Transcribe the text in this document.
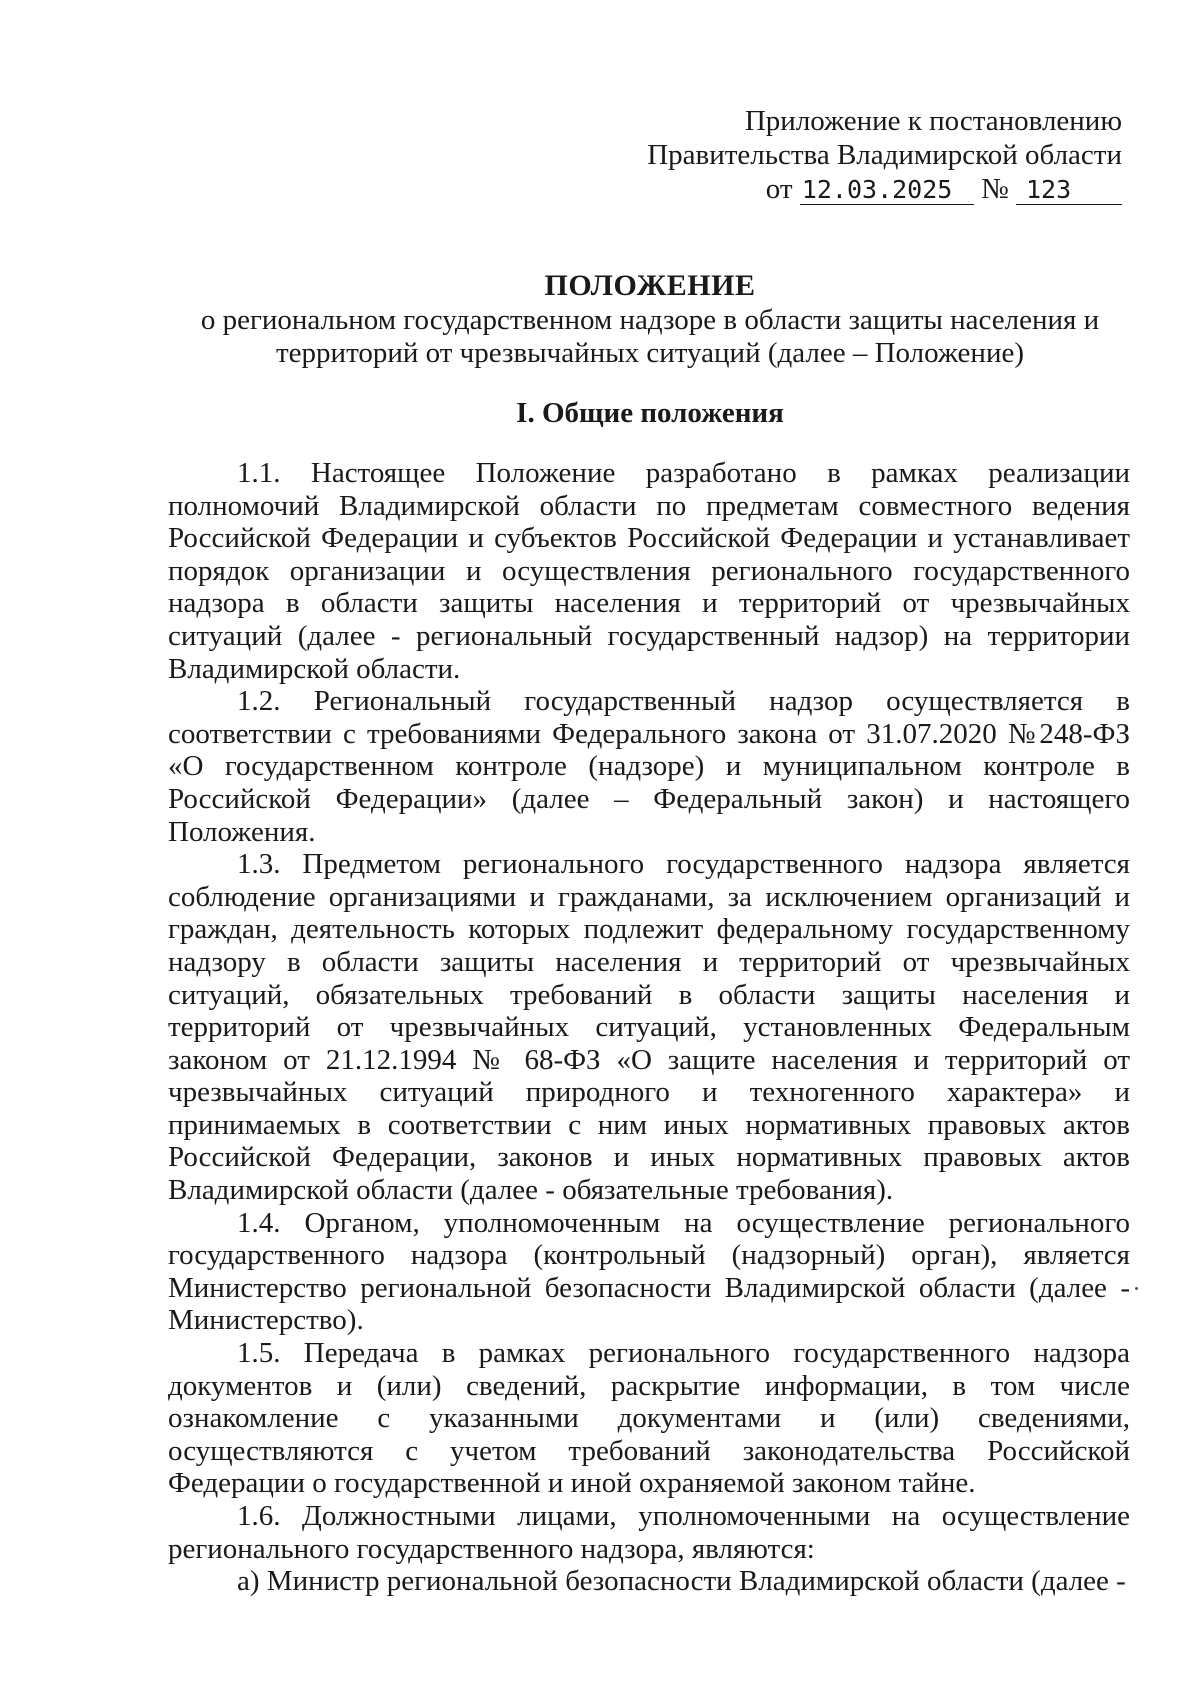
Приложение к постановлению
Правительства Владимирской области
от 12.03.2025 № 123

ПОЛОЖЕНИЕ

о региональном государственном надзоре в области защиты населения и

территорий от чрезвычайных ситуаций (далее – Положение)

I. Общие положения

1.1. Настоящее Положение разработано в рамках реализации полномочий Владимирской области по предметам совместного ведения Российской Федерации и субъектов Российской Федерации и устанавливает порядок организации и осуществления регионального государственного надзора в области защиты населения и территорий от чрезвычайных ситуаций (далее - региональный государственный надзор) на территории Владимирской области.

1.2. Региональный государственный надзор осуществляется в соответствии с требованиями Федерального закона от 31.07.2020 №248-ФЗ «О государственном контроле (надзоре) и муниципальном контроле в Российской Федерации» (далее – Федеральный закон) и настоящего Положения.

1.3. Предметом регионального государственного надзора является соблюдение организациями и гражданами, за исключением организаций и граждан, деятельность которых подлежит федеральному государственному надзору в области защиты населения и территорий от чрезвычайных ситуаций, обязательных требований в области защиты населения и территорий от чрезвычайных ситуаций, установленных Федеральным законом от 21.12.1994 № 68-ФЗ «О защите населения и территорий от чрезвычайных ситуаций природного и техногенного характера» и принимаемых в соответствии с ним иных нормативных правовых актов Российской Федерации, законов и иных нормативных правовых актов Владимирской области (далее - обязательные требования).

1.4. Органом, уполномоченным на осуществление регионального государственного надзора (контрольный (надзорный) орган), является Министерство региональной безопасности Владимирской области (далее - Министерство).

1.5. Передача в рамках регионального государственного надзора документов и (или) сведений, раскрытие информации, в том числе ознакомление с указанными документами и (или) сведениями, осуществляются с учетом требований законодательства Российской Федерации о государственной и иной охраняемой законом тайне.

1.6. Должностными лицами, уполномоченными на осуществление регионального государственного надзора, являются:

а) Министр региональной безопасности Владимирской области (далее -
